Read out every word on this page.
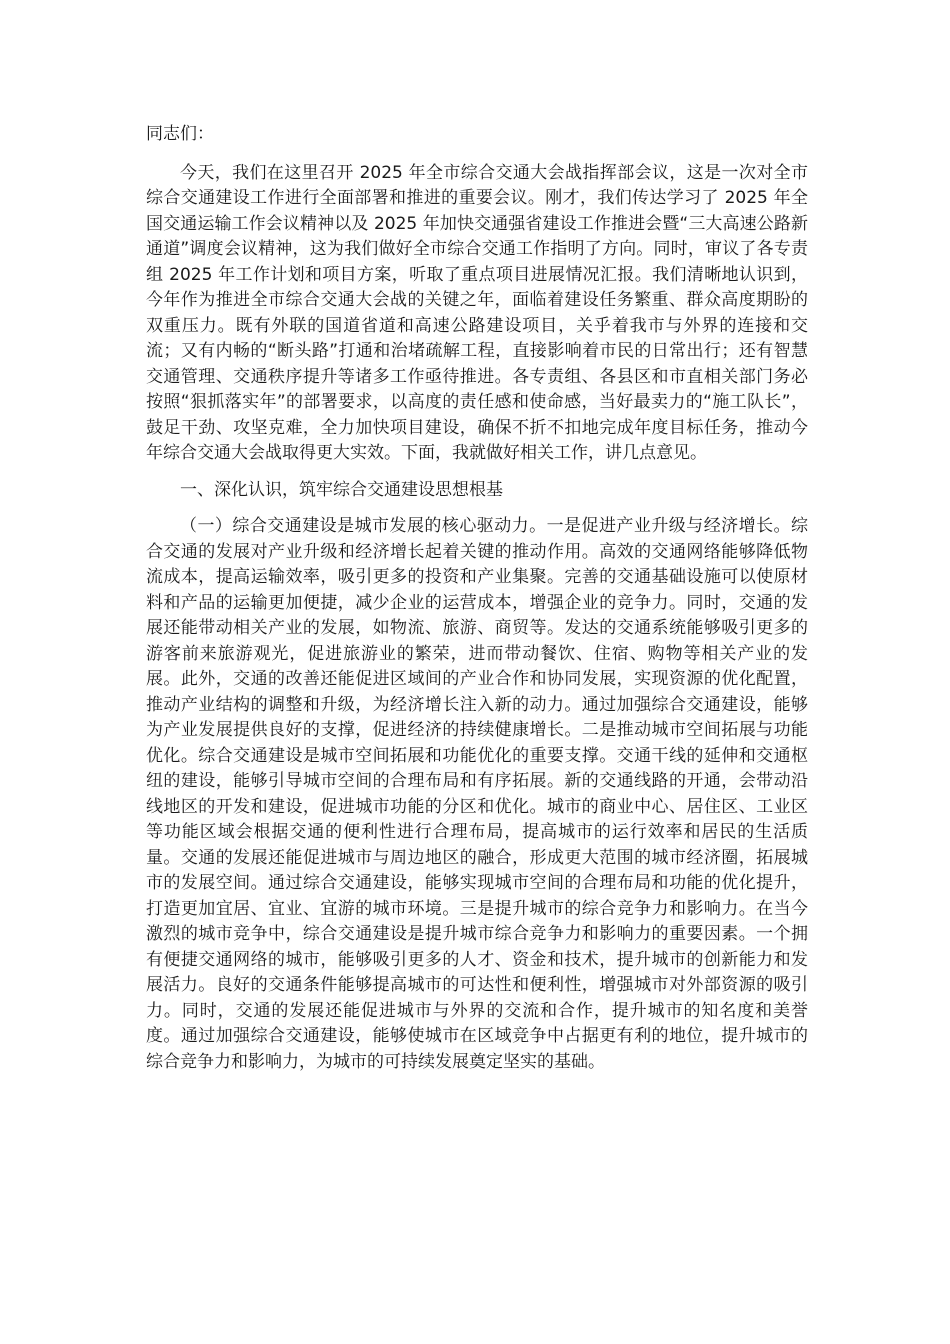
同志们：

今天，我们在这里召开 2025 年全市综合交通大会战指挥部会议，这是一次对全市综合交通建设工作进行全面部署和推进的重要会议。刚才，我们传达学习了 2025 年全国交通运输工作会议精神以及 2025 年加快交通强省建设工作推进会暨“三大高速公路新通道”调度会议精神，这为我们做好全市综合交通工作指明了方向。同时，审议了各专责组 2025 年工作计划和项目方案，听取了重点项目进展情况汇报。我们清晰地认识到，今年作为推进全市综合交通大会战的关键之年，面临着建设任务繁重、群众高度期盼的双重压力。既有外联的国道省道和高速公路建设项目，关乎着我市与外界的连接和交流；又有内畅的“断头路”打通和治堵疏解工程，直接影响着市民的日常出行；还有智慧交通管理、交通秩序提升等诸多工作亟待推进。各专责组、各县区和市直相关部门务必按照“狠抓落实年”的部署要求，以高度的责任感和使命感，当好最卖力的“施工队长”，鼓足干劲、攻坚克难，全力加快项目建设，确保不折不扣地完成年度目标任务，推动今年综合交通大会战取得更大实效。下面，我就做好相关工作，讲几点意见。

一、深化认识，筑牢综合交通建设思想根基

（一）综合交通建设是城市发展的核心驱动力。一是促进产业升级与经济增长。综合交通的发展对产业升级和经济增长起着关键的推动作用。高效的交通网络能够降低物流成本，提高运输效率，吸引更多的投资和产业集聚。完善的交通基础设施可以使原材料和产品的运输更加便捷，减少企业的运营成本，增强企业的竞争力。同时，交通的发展还能带动相关产业的发展，如物流、旅游、商贸等。发达的交通系统能够吸引更多的游客前来旅游观光，促进旅游业的繁荣，进而带动餐饮、住宿、购物等相关产业的发展。此外，交通的改善还能促进区域间的产业合作和协同发展，实现资源的优化配置，推动产业结构的调整和升级，为经济增长注入新的动力。通过加强综合交通建设，能够为产业发展提供良好的支撑，促进经济的持续健康增长。二是推动城市空间拓展与功能优化。综合交通建设是城市空间拓展和功能优化的重要支撑。交通干线的延伸和交通枢纽的建设，能够引导城市空间的合理布局和有序拓展。新的交通线路的开通，会带动沿线地区的开发和建设，促进城市功能的分区和优化。城市的商业中心、居住区、工业区等功能区域会根据交通的便利性进行合理布局，提高城市的运行效率和居民的生活质量。交通的发展还能促进城市与周边地区的融合，形成更大范围的城市经济圈，拓展城市的发展空间。通过综合交通建设，能够实现城市空间的合理布局和功能的优化提升，打造更加宜居、宜业、宜游的城市环境。三是提升城市的综合竞争力和影响力。在当今激烈的城市竞争中，综合交通建设是提升城市综合竞争力和影响力的重要因素。一个拥有便捷交通网络的城市，能够吸引更多的人才、资金和技术，提升城市的创新能力和发展活力。良好的交通条件能够提高城市的可达性和便利性，增强城市对外部资源的吸引力。同时，交通的发展还能促进城市与外界的交流和合作，提升城市的知名度和美誉度。通过加强综合交通建设，能够使城市在区域竞争中占据更有利的地位，提升城市的综合竞争力和影响力，为城市的可持续发展奠定坚实的基础。
